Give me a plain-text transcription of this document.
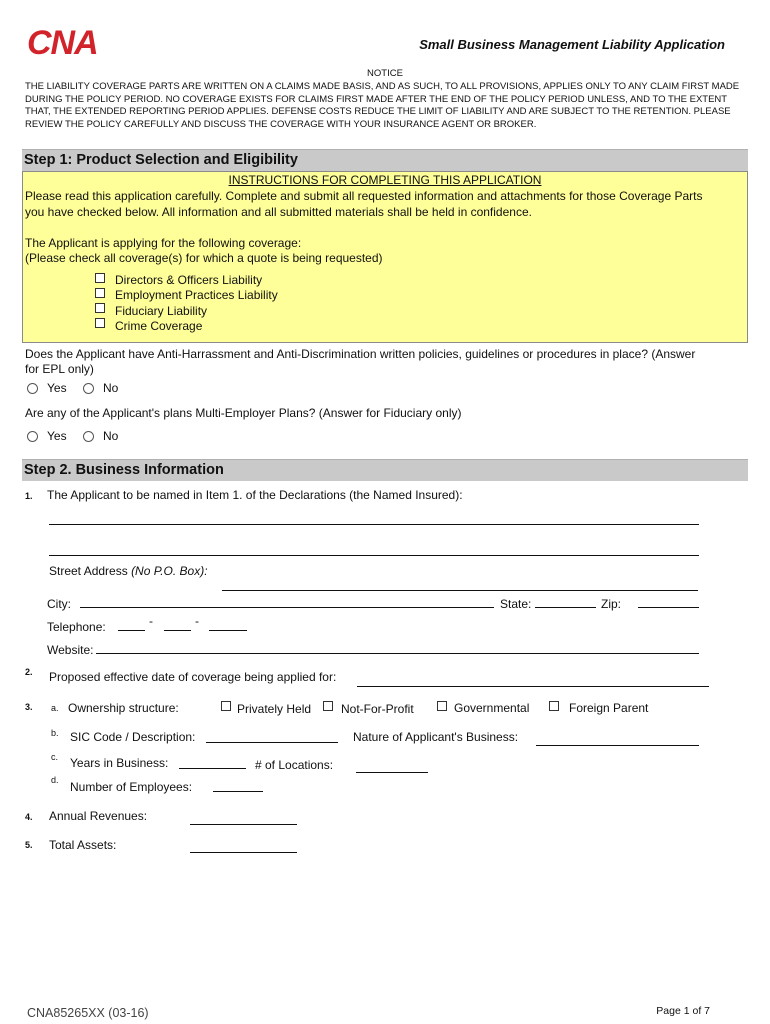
CNA	Small Business Management Liability Application
NOTICE
THE LIABILITY COVERAGE PARTS ARE WRITTEN ON A CLAIMS MADE BASIS, AND AS SUCH, TO ALL PROVISIONS, APPLIES ONLY TO ANY CLAIM FIRST MADE DURING THE POLICY PERIOD. NO COVERAGE EXISTS FOR CLAIMS FIRST MADE AFTER THE END OF THE POLICY PERIOD UNLESS, AND TO THE EXTENT THAT, THE EXTENDED REPORTING PERIOD APPLIES. DEFENSE COSTS REDUCE THE LIMIT OF LIABILITY AND ARE SUBJECT TO THE RETENTION. PLEASE REVIEW THE POLICY CAREFULLY AND DISCUSS THE COVERAGE WITH YOUR INSURANCE AGENT OR BROKER.
Step 1: Product Selection and Eligibility
INSTRUCTIONS FOR COMPLETING THIS APPLICATION
Please read this application carefully. Complete and submit all requested information and attachments for those Coverage Parts
you have checked below. All information and all submitted materials shall be held in confidence.
The Applicant is applying for the following coverage:
(Please check all coverage(s) for which a quote is being requested)
Directors & Officers Liability
Employment Practices Liability
Fiduciary Liability
Crime Coverage
Does the Applicant have Anti-Harrassment and Anti-Discrimination written policies, guidelines or procedures in place? (Answer
for EPL only)
Yes	No
Are any of the Applicant's plans Multi-Employer Plans? (Answer for Fiduciary only)
Yes	No
Step 2. Business Information
1. The Applicant to be named in Item 1. of the Declarations (the Named Insured):
Street Address (No P.O. Box):
City:	State:	Zip:
Telephone:	-	-
Website:
2. Proposed effective date of coverage being applied for:
3. a. Ownership structure:	Privately Held Not-For-Profit	Governmental	Foreign Parent
b. SIC Code / Description:	Nature of Applicant's Business:
c. Years in Business:	# of Locations:
d. Number of Employees:
4. Annual Revenues:
5. Total Assets:
CNA85265XX (03-16)	Page 1 of 7
